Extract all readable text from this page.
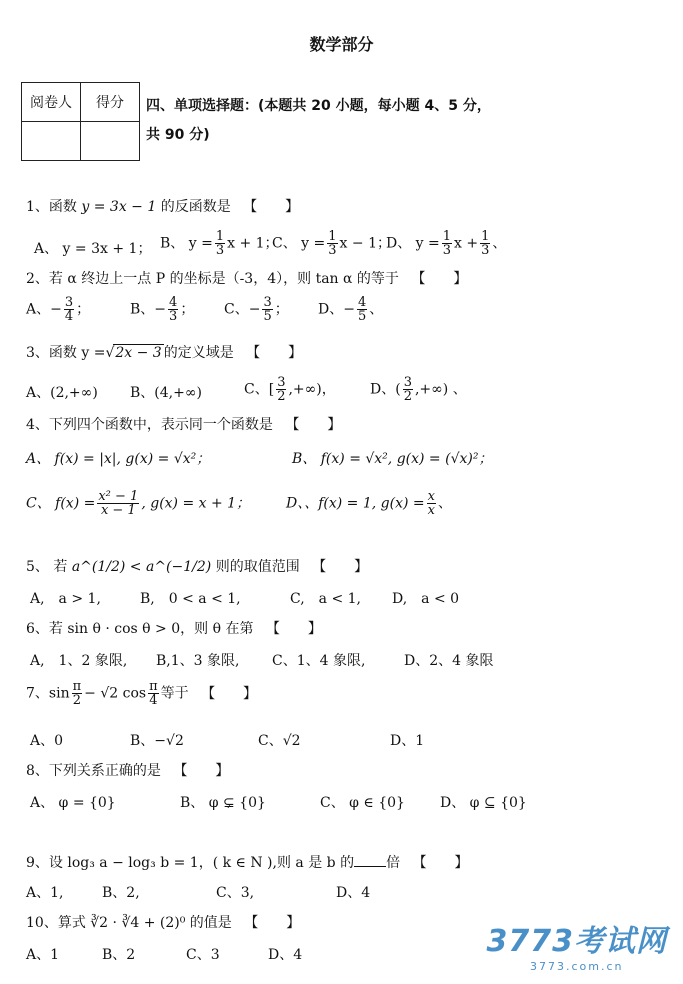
数学部分
阅卷人	得分
	四、单项选择题：(本题共 20 小题，每小题 4、5 分，
共 90 分)
1、函数 y = 3x − 1 的反函数是 【　　】
A、 y = 3x + 1； B、 $y = \frac{1}{3}$ x + 1；
C、 $y = \frac{1}{3}$ x − 1；
D、 $y = \frac{1}{3}$ $x + \frac{1}{3}$ 、
2、若 α 终边上一点 P 的坐标是（-3，4），则 tan α 的等于 【　　】
A、− $\frac{3}{4}$ ；	B、− $\frac{4}{3}$ ； C、− $\frac{3}{5}$ ； D、− $\frac{4}{5}$ 、
3、函数 y =√2x − 3 的定义域是 【　　】
A、(2,+∞) B、(4,+∞)	C、[ $\frac{3}{2}$ ,+∞)， D、( $\frac{3}{2}$ ,+∞) 、
4、下列四个函数中，表示同一个函数是 【　　】
A、 f(x) = |x|, g(x) = √x²；	B、 f(x) = √x², g(x) = (√x)²；
C、 $f(x) = \frac{\text{x² − 1}}{x - 1}$ , g(x) = x + 1；	D、、f(x) = 1, $g(x) = \frac{x}{x}$ 、
5、 若 a^(1/2) < a^(−1/2) 则的取值范围 【　　】
A,　a > 1,	B,　0 < a < 1,	C,　a < 1, D,　a < 0
6、若 sin θ · cos θ > 0，则 θ 在第 【　　】
A,　1、2 象限, B,1、3 象限, C、1、4 象限,	D、2、4 象限
7、$\sin \frac{\pi}{2} - √2$ $\cos \frac{\pi}{4}$ 等于 【　　】
A、0	B、−√2	C、√2	D、1
8、下列关系正确的是 【　　】
A、 φ = {0}	B、 φ ⊊ {0}	C、 φ ∈ {0}	D、 φ ⊆ {0}
9、设 log₃ a − log₃ b = 1，( k ∈ N ),则 a 是 b 的 倍 【　　】
A、1,	B、2,	C、3,	D、4
10、算式 ∛2 · ∛4 + (2)⁰ 的值是 【　　】
A、1	B、2	C、3	D、4	3773考试网
3773.com.cn
